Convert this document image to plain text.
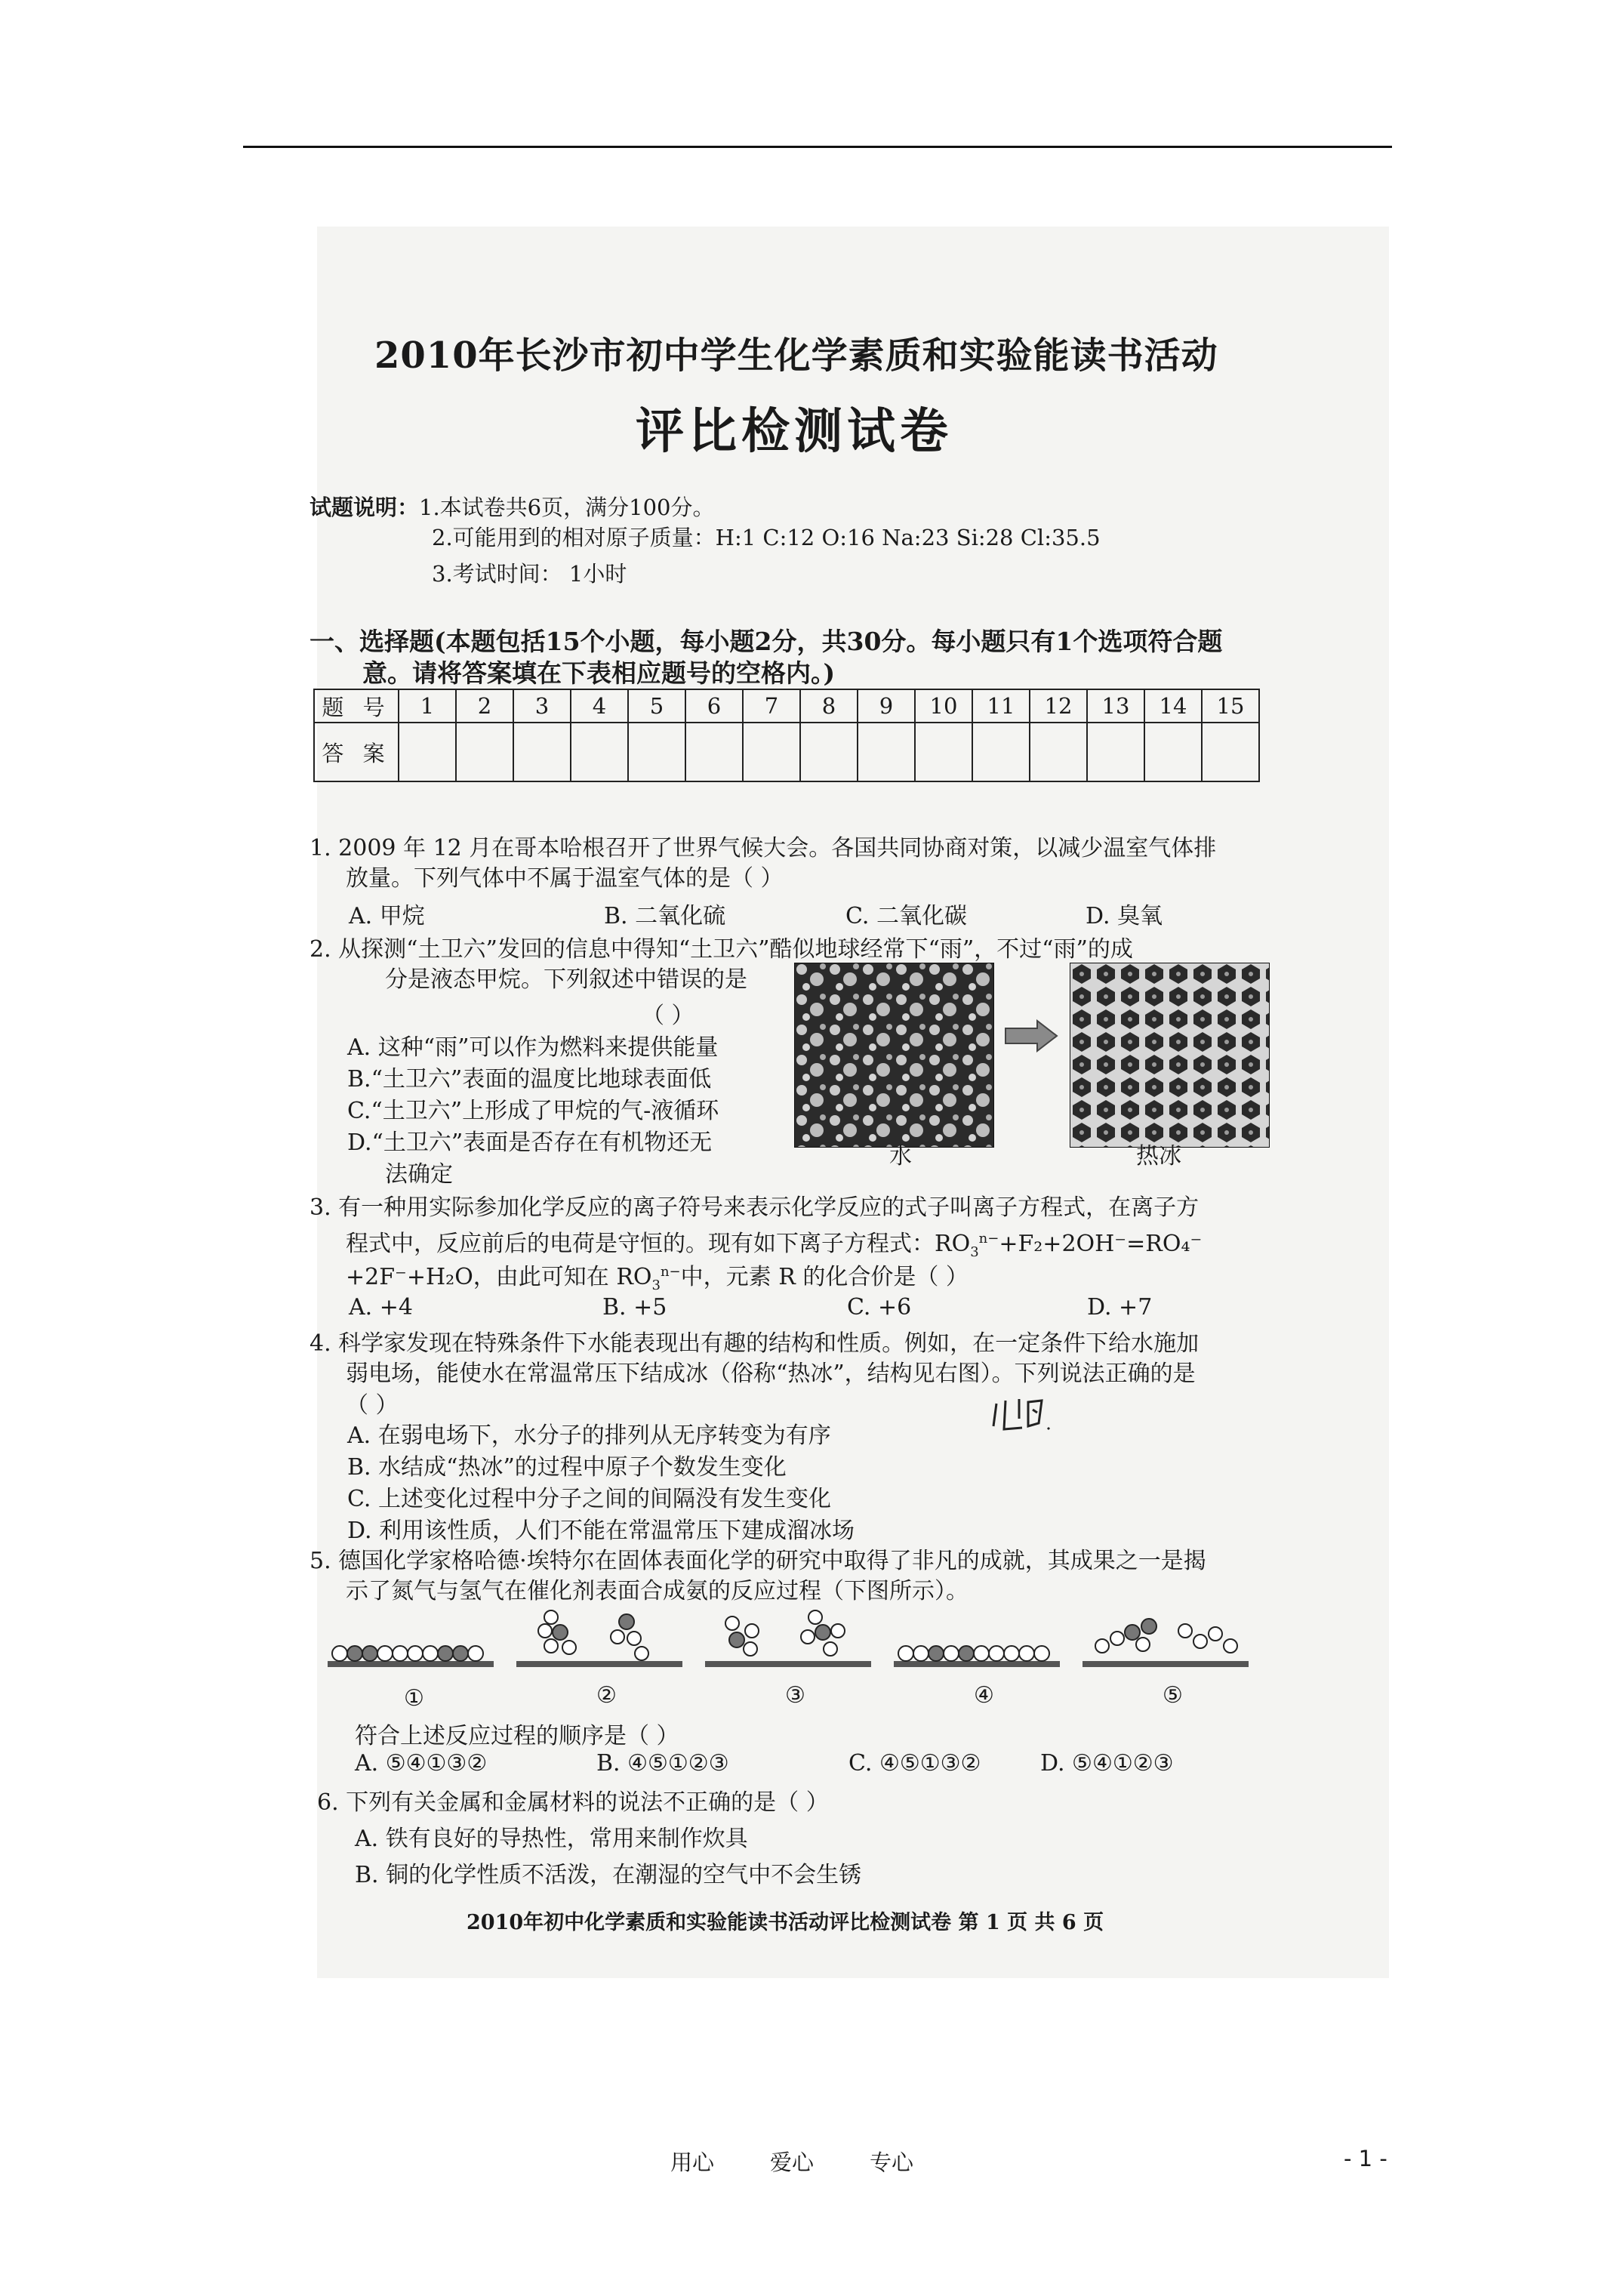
2010年长沙市初中学生化学素质和实验能读书活动
评比检测试卷
试题说明：1.本试卷共6页，满分100分。
2.可能用到的相对原子质量：H:1 C:12 O:16 Na:23 Si:28 Cl:35.5
3.考试时间： 1小时
一、选择题(本题包括15个小题，每小题2分，共30分。每小题只有1个选项符合题
意。请将答案填在下表相应题号的空格内。)
题 号	1	2	3	4	5	6	7	8	9	10	11	12	13	14	15
答 案															
1. 2009 年 12 月在哥本哈根召开了世界气候大会。各国共同协商对策，以减少温室气体排
放量。下列气体中不属于温室气体的是（ ）
A. 甲烷	B. 二氧化硫	C. 二氧化碳	D. 臭氧
2. 从探测“土卫六”发回的信息中得知“土卫六”酷似地球经常下“雨”，不过“雨”的成
分是液态甲烷。下列叙述中错误的是
（ ）
A. 这种“雨”可以作为燃料来提供能量
B.“土卫六”表面的温度比地球表面低
C.“土卫六”上形成了甲烷的气-液循环
D.“土卫六”表面是否存在有机物还无
法确定
水	热冰
3. 有一种用实际参加化学反应的离子符号来表示化学反应的式子叫离子方程式，在离子方
程式中，反应前后的电荷是守恒的。现有如下离子方程式：$RO_3^{n-}+F_2+2OH^-=RO_4^-$
+2F⁻+H₂O，由此可知在 $RO_3^{n-}$中，元素 R 的化合价是（ ）
A. +4	B. +5	C. +6	D. +7
4. 科学家发现在特殊条件下水能表现出有趣的结构和性质。例如，在一定条件下给水施加
弱电场，能使水在常温常压下结成冰（俗称“热冰”，结构见右图）。下列说法正确的是
（ ）
A. 在弱电场下，水分子的排列从无序转变为有序
B. 水结成“热冰”的过程中原子个数发生变化
C. 上述变化过程中分子之间的间隔没有发生变化
D. 利用该性质，人们不能在常温常压下建成溜冰场
5. 德国化学家格哈德·埃特尔在固体表面化学的研究中取得了非凡的成就，其成果之一是揭
示了氮气与氢气在催化剂表面合成氨的反应过程（下图所示）。
①	②	③	④	⑤
符合上述反应过程的顺序是（ ）
A. ⑤④①③②	B. ④⑤①②③	C. ④⑤①③②	D. ⑤④①②③
6. 下列有关金属和金属材料的说法不正确的是（ ）
A. 铁有良好的导热性，常用来制作炊具
B. 铜的化学性质不活泼，在潮湿的空气中不会生锈
2010年初中化学素质和实验能读书活动评比检测试卷 第 1 页 共 6 页
用心	爱心	专心	- 1 -
